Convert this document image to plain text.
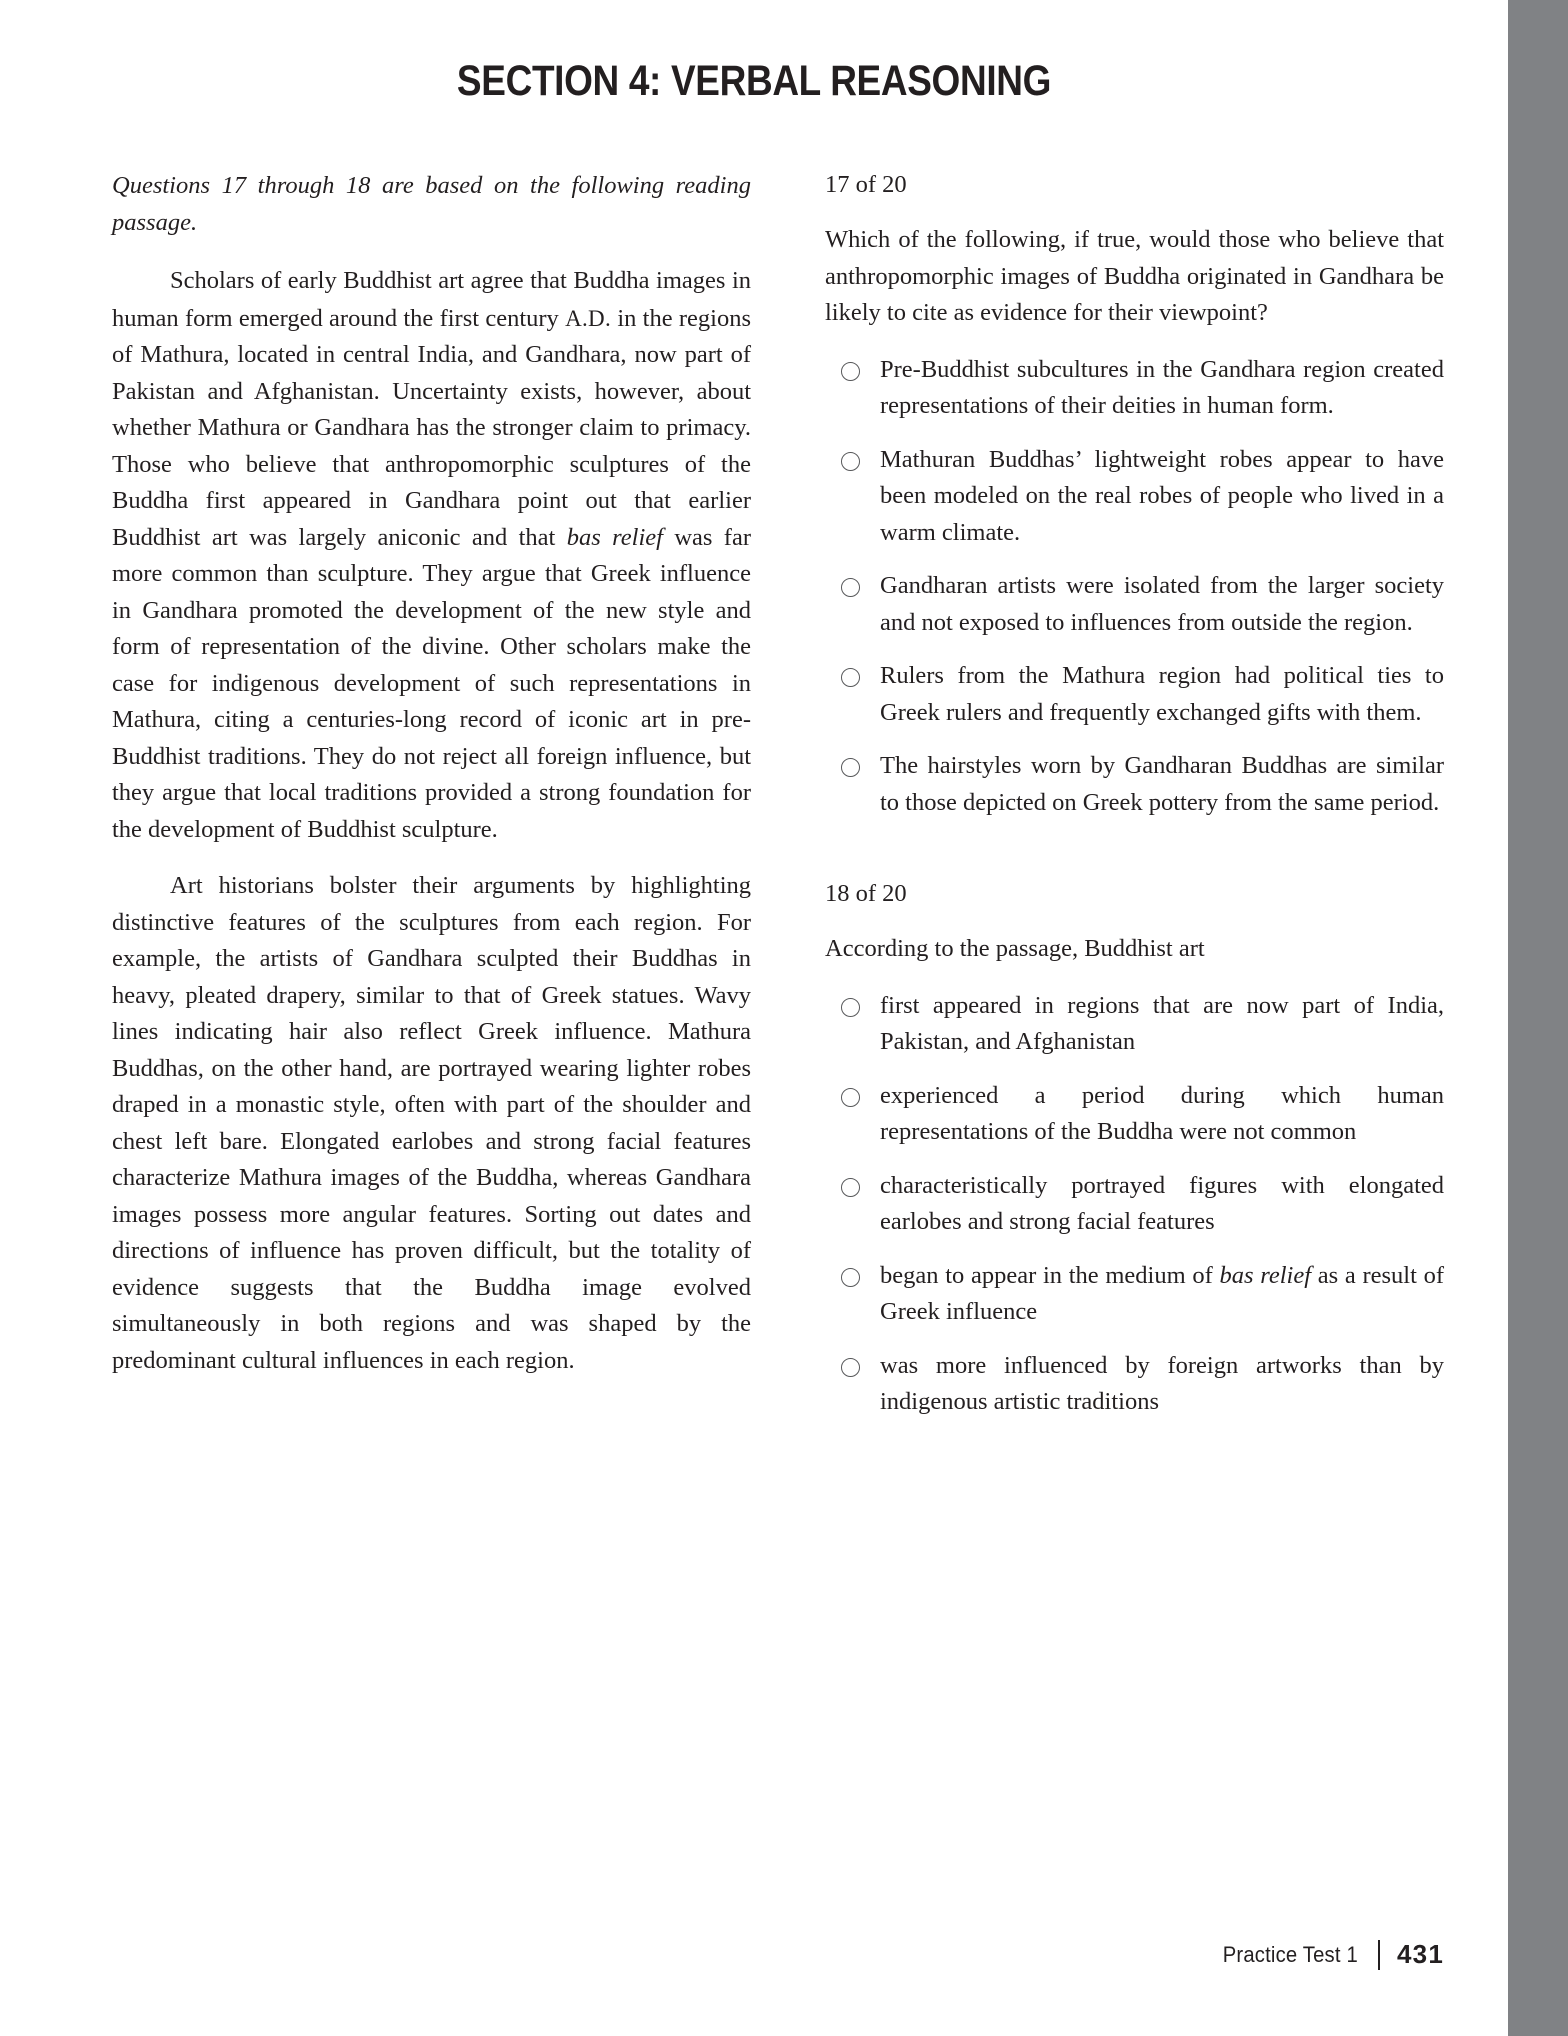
SECTION 4: VERBAL REASONING

Questions 17 through 18 are based on the following reading passage.

Scholars of early Buddhist art agree that Buddha images in human form emerged around the first century A.D. in the regions of Mathura, located in central India, and Gandhara, now part of Pakistan and Afghanistan. Uncertainty exists, however, about whether Mathura or Gandhara has the stronger claim to primacy. Those who believe that anthropomorphic sculptures of the Buddha first appeared in Gandhara point out that earlier Buddhist art was largely aniconic and that bas relief was far more common than sculpture. They argue that Greek influence in Gandhara promoted the development of the new style and form of representation of the divine. Other scholars make the case for indigenous development of such representations in Mathura, citing a centuries-long record of iconic art in pre-Buddhist traditions. They do not reject all foreign influence, but they argue that local traditions provided a strong foundation for the development of Buddhist sculpture.

Art historians bolster their arguments by highlighting distinctive features of the sculptures from each region. For example, the artists of Gandhara sculpted their Buddhas in heavy, pleated drapery, similar to that of Greek statues. Wavy lines indicating hair also reflect Greek influence. Mathura Buddhas, on the other hand, are portrayed wearing lighter robes draped in a monastic style, often with part of the shoulder and chest left bare. Elongated earlobes and strong facial features characterize Mathura images of the Buddha, whereas Gandhara images possess more angular features. Sorting out dates and directions of influence has proven difficult, but the totality of evidence suggests that the Buddha image evolved simultaneously in both regions and was shaped by the predominant cultural influences in each region.

17 of 20

Which of the following, if true, would those who believe that anthropomorphic images of Buddha originated in Gandhara be likely to cite as evidence for their viewpoint?

Pre-Buddhist subcultures in the Gandhara region created representations of their deities in human form.
Mathuran Buddhas’ lightweight robes appear to have been modeled on the real robes of people who lived in a warm climate.
Gandharan artists were isolated from the larger society and not exposed to influences from outside the region.
Rulers from the Mathura region had political ties to Greek rulers and frequently exchanged gifts with them.
The hairstyles worn by Gandharan Buddhas are similar to those depicted on Greek pottery from the same period.
18 of 20

According to the passage, Buddhist art

first appeared in regions that are now part of India, Pakistan, and Afghanistan
experienced a period during which human representations of the Buddha were not common
characteristically portrayed figures with elongated earlobes and strong facial features
began to appear in the medium of bas relief as a result of Greek influence
was more influenced by foreign artworks than by indigenous artistic traditions
Practice Test 1 431
